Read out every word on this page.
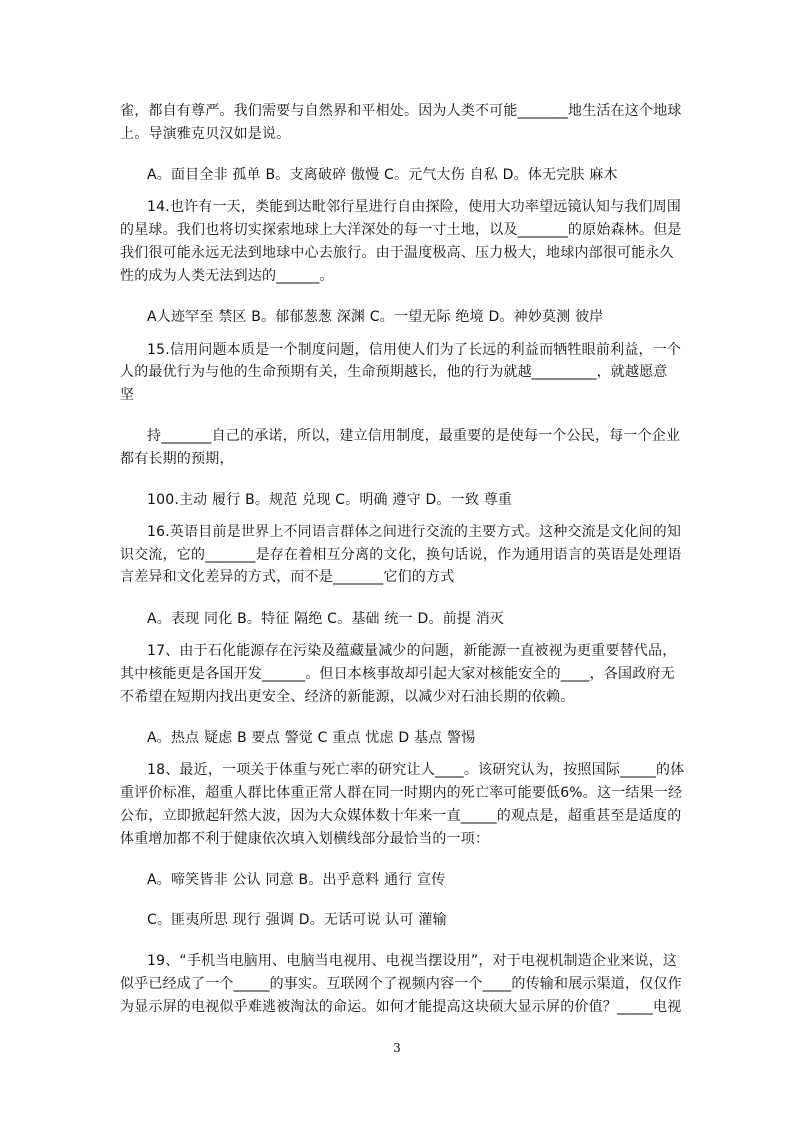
雀，都自有尊严。我们需要与自然界和平相处。因为人类不可能_______地生活在这个地球
上。导演雅克贝汉如是说。
A。面目全非 孤单 B。支离破碎 傲慢 C。元气大伤 自私 D。体无完肤 麻木
14.也许有一天，类能到达毗邻行星进行自由探险，使用大功率望远镜认知与我们周围
的星球。我们也将切实探索地球上大洋深处的每一寸土地，以及_______的原始森林。但是
我们很可能永远无法到地球中心去旅行。由于温度极高、压力极大，地球内部很可能永久
性的成为人类无法到达的______。
A人迹罕至 禁区 B。郁郁葱葱 深渊 C。一望无际 绝境 D。神妙莫测 彼岸
15.信用问题本质是一个制度问题，信用使人们为了长远的利益而牺牲眼前利益，一个
人的最优行为与他的生命预期有关，生命预期越长，他的行为就越_________，就越愿意
坚
持_______自己的承诺，所以，建立信用制度，最重要的是使每一个公民，每一个企业
都有长期的预期，
100.主动 履行 B。规范 兑现 C。明确 遵守 D。一致 尊重
16.英语目前是世界上不同语言群体之间进行交流的主要方式。这种交流是文化间的知
识交流，它的_______是存在着相互分离的文化，换句话说，作为通用语言的英语是处理语
言差异和文化差异的方式，而不是_______它们的方式
A。表现 同化 B。特征 隔绝 C。基础 统一 D。前提 消灭
17、由于石化能源存在污染及蕴藏量减少的问题，新能源一直被视为更重要替代品，
其中核能更是各国开发______。但日本核事故却引起大家对核能安全的____，各国政府无
不希望在短期内找出更安全、经济的新能源，以减少对石油长期的依赖。
A。热点 疑虑 B 要点 警觉 C 重点 忧虑 D 基点 警惕
18、最近，一项关于体重与死亡率的研究让人____。该研究认为，按照国际_____的体
重评价标准，超重人群比体重正常人群在同一时期内的死亡率可能要低6%。这一结果一经
公布，立即掀起轩然大波，因为大众媒体数十年来一直_____的观点是，超重甚至是适度的
体重增加都不利于健康依次填入划横线部分最恰当的一项：
A。啼笑皆非 公认 同意 B。出乎意料 通行 宣传
C。匪夷所思 现行 强调 D。无话可说 认可 灌输
19、“手机当电脑用、电脑当电视用、电视当摆设用”，对于电视机制造企业来说，这
似乎已经成了一个_____的事实。互联网个了视频内容一个____的传输和展示渠道，仅仅作
为显示屏的电视似乎难逃被淘汰的命运。如何才能提高这块硕大显示屏的价值？_____电视
3
